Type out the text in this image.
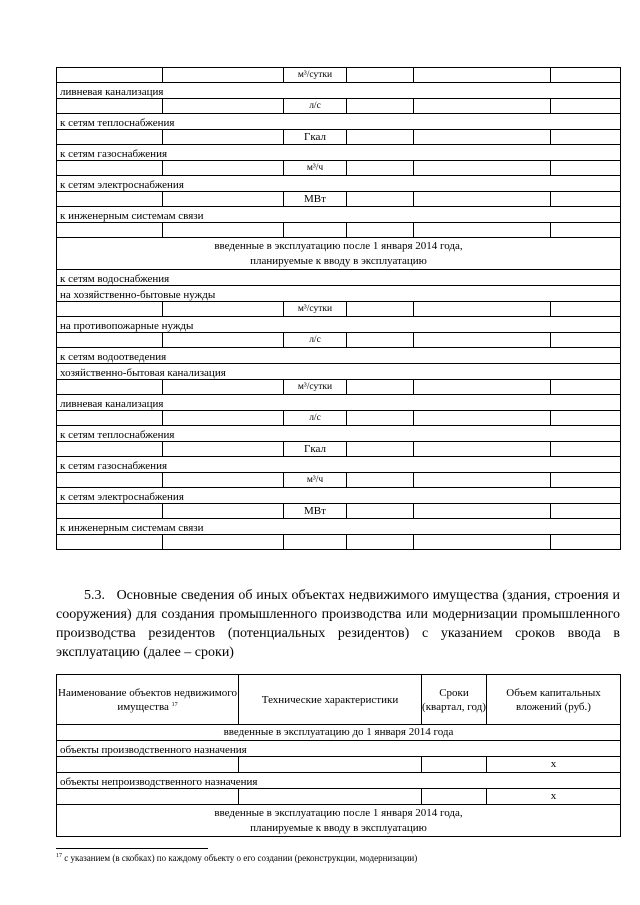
		м³/сутки			
ливневая канализация					
		л/с			
к сетям теплоснабжения					
		Гкал			
к сетям газоснабжения					
		м³/ч			
к сетям электроснабжения					
		МВт			
к инженерным системам связи					

введенные в эксплуатацию после 1 января 2014 года,
планируемые к вводу в эксплуатацию					
к сетям водоснабжения					
на хозяйственно-бытовые нужды					
		м³/сутки			
на противопожарные нужды					
		л/с			
к сетям водоотведения					
хозяйственно-бытовая канализация					
		м³/сутки			
ливневая канализация					
		л/с			
к сетям теплоснабжения					
		Гкал			
к сетям газоснабжения					
		м³/ч			
к сетям электроснабжения					
		МВт			
к инженерным системам связи					

5.3. Основные сведения об иных объектах недвижимого имущества (здания, строения и сооружения) для создания промышленного производства или модернизации промышленного производства резидентов (потенциальных резидентов) с указанием сроков ввода в эксплуатацию (далее – сроки)

Наименование объектов недвижимого имущества $^{17}$	Технические характеристики	Сроки (квартал, год)	Объем капитальных вложений (руб.)
введенные в эксплуатацию до 1 января 2014 года			
объекты производственного назначения			
			х
объекты непроизводственного назначения			
			х
введенные в эксплуатацию после 1 января 2014 года,
планируемые к вводу в эксплуатацию			
$^{17}$ с указанием (в скобках) по каждому объекту о его создании (реконструкции, модернизации)
